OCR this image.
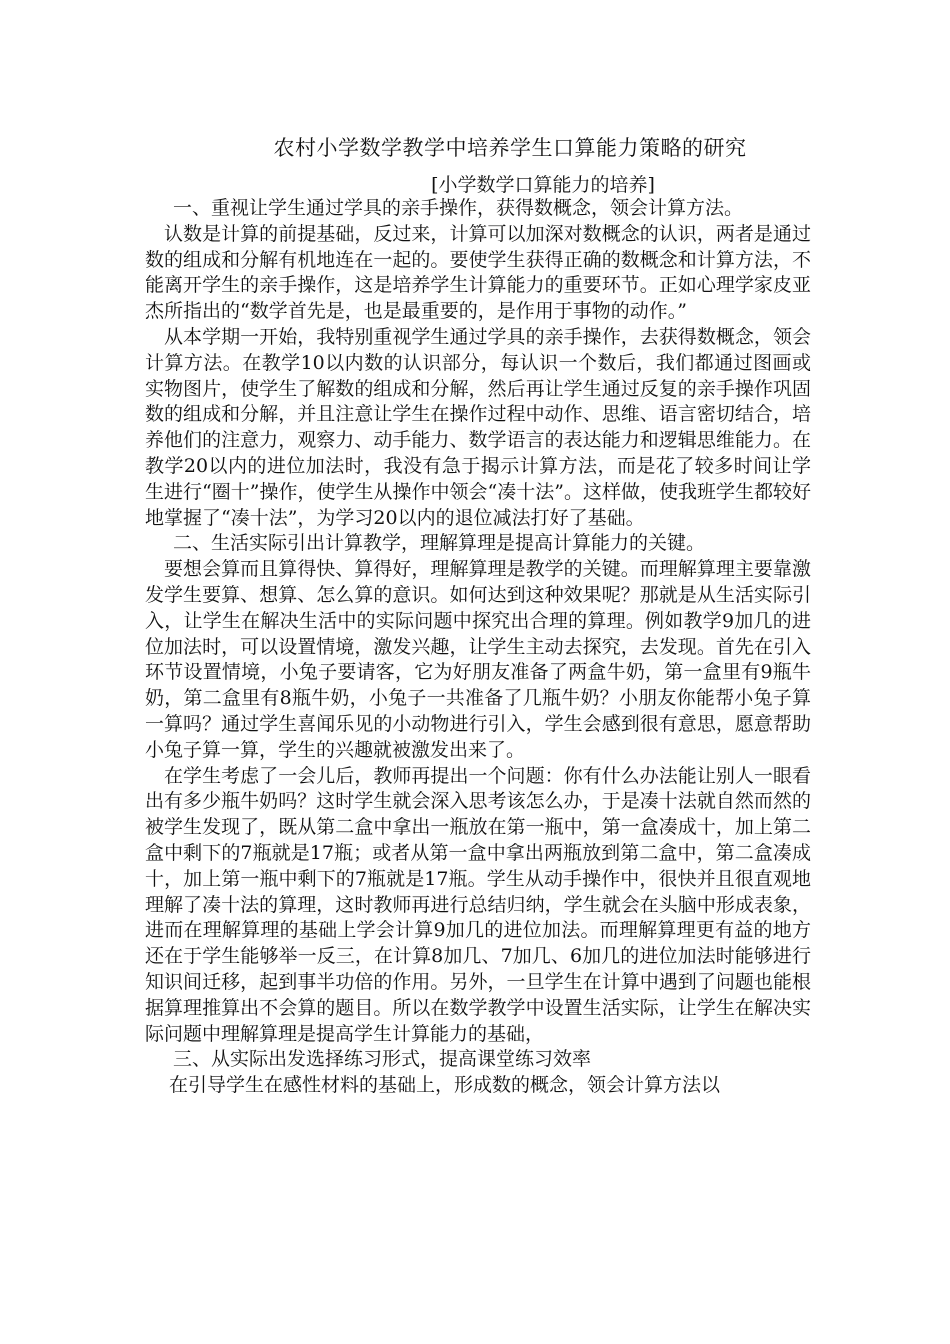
农村小学数学教学中培养学生口算能力策略的研究
[小学数学口算能力的培养]
一、重视让学生通过学具的亲手操作，获得数概念，领会计算方法。

　认数是计算的前提基础，反过来，计算可以加深对数概念的认识，两者是通过数的组成和分解有机地连在一起的。要使学生获得正确的数概念和计算方法，不能离开学生的亲手操作，这是培养学生计算能力的重要环节。正如心理学家皮亚杰所指出的“数学首先是，也是最重要的，是作用于事物的动作。”

　从本学期一开始，我特别重视学生通过学具的亲手操作，去获得数概念，领会计算方法。在教学10以内数的认识部分，每认识一个数后，我们都通过图画或实物图片，使学生了解数的组成和分解，然后再让学生通过反复的亲手操作巩固数的组成和分解，并且注意让学生在操作过程中动作、思维、语言密切结合，培养他们的注意力，观察力、动手能力、数学语言的表达能力和逻辑思维能力。在教学20以内的进位加法时，我没有急于揭示计算方法，而是花了较多时间让学生进行“圈十”操作，使学生从操作中领会“凑十法”。这样做，使我班学生都较好地掌握了“凑十法”，为学习20以内的退位减法打好了基础。

二、生活实际引出计算教学，理解算理是提高计算能力的关键。

　要想会算而且算得快、算得好，理解算理是教学的关键。而理解算理主要靠激发学生要算、想算、怎么算的意识。如何达到这种效果呢？那就是从生活实际引入，让学生在解决生活中的实际问题中探究出合理的算理。例如教学9加几的进位加法时，可以设置情境，激发兴趣，让学生主动去探究，去发现。首先在引入环节设置情境，小兔子要请客，它为好朋友准备了两盒牛奶，第一盒里有9瓶牛奶，第二盒里有8瓶牛奶，小兔子一共准备了几瓶牛奶？小朋友你能帮小兔子算一算吗？通过学生喜闻乐见的小动物进行引入，学生会感到很有意思，愿意帮助小兔子算一算，学生的兴趣就被激发出来了。

　在学生考虑了一会儿后，教师再提出一个问题：你有什么办法能让别人一眼看出有多少瓶牛奶吗？这时学生就会深入思考该怎么办，于是凑十法就自然而然的被学生发现了，既从第二盒中拿出一瓶放在第一瓶中，第一盒凑成十，加上第二盒中剩下的7瓶就是17瓶；或者从第一盒中拿出两瓶放到第二盒中，第二盒凑成十，加上第一瓶中剩下的7瓶就是17瓶。学生从动手操作中，很快并且很直观地理解了凑十法的算理，这时教师再进行总结归纳，学生就会在头脑中形成表象，进而在理解算理的基础上学会计算9加几的进位加法。而理解算理更有益的地方还在于学生能够举一反三，在计算8加几、7加几、6加几的进位加法时能够进行知识间迁移，起到事半功倍的作用。另外，一旦学生在计算中遇到了问题也能根据算理推算出不会算的题目。所以在数学教学中设置生活实际，让学生在解决实际问题中理解算理是提高学生计算能力的基础，

三、从实际出发选择练习形式，提高课堂练习效率

在引导学生在感性材料的基础上，形成数的概念，领会计算方法以
